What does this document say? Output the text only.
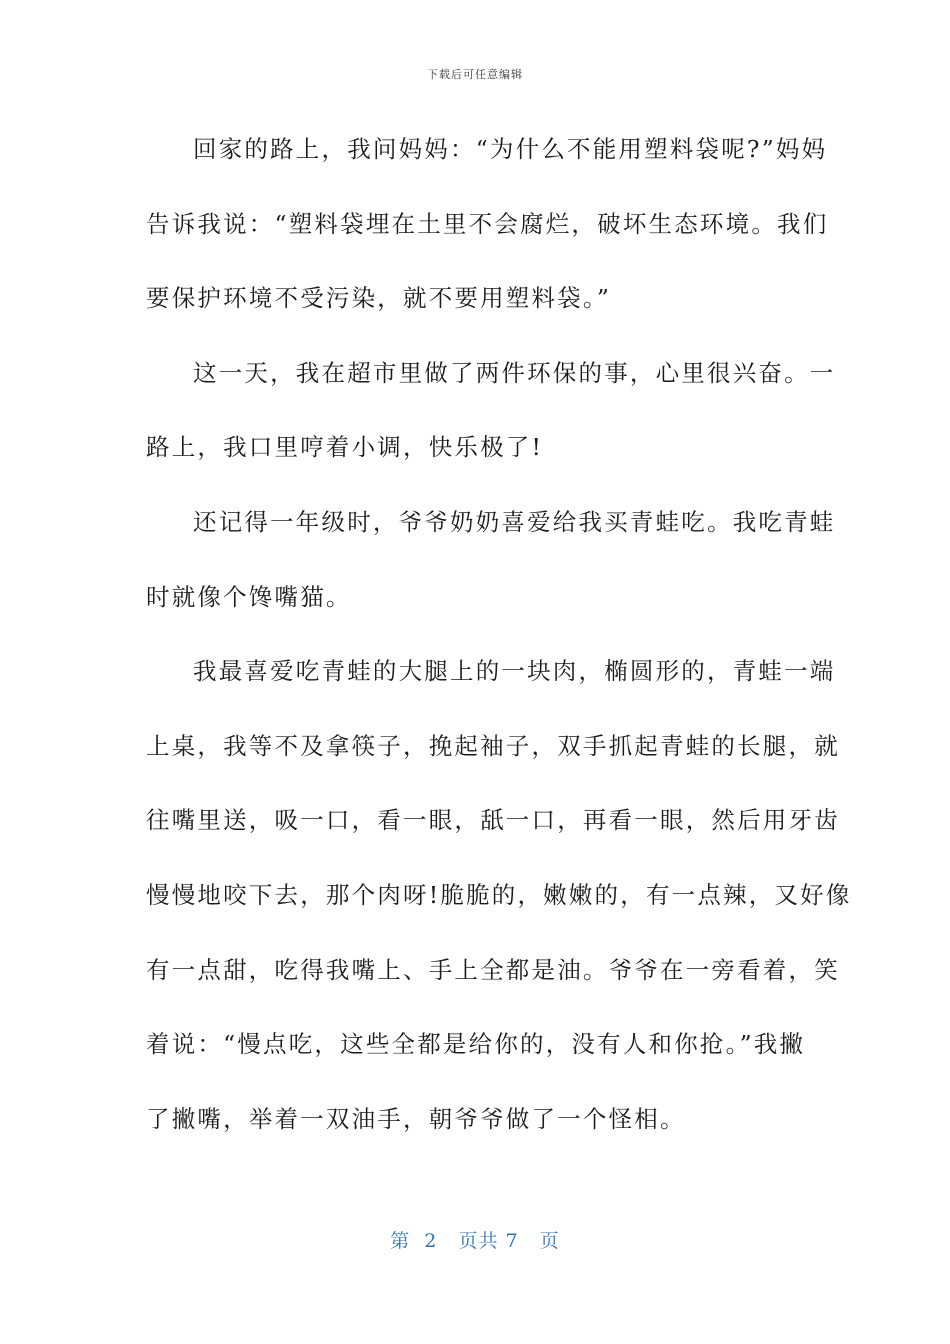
下载后可任意编辑
回家的路上，我问妈妈：“为什么不能用塑料袋呢?”妈妈
告诉我说：“塑料袋埋在土里不会腐烂，破坏生态环境。我们
要保护环境不受污染，就不要用塑料袋。”
这一天，我在超市里做了两件环保的事，心里很兴奋。一
路上，我口里哼着小调，快乐极了!
还记得一年级时，爷爷奶奶喜爱给我买青蛙吃。我吃青蛙
时就像个馋嘴猫。
我最喜爱吃青蛙的大腿上的一块肉，椭圆形的，青蛙一端
上桌，我等不及拿筷子，挽起袖子，双手抓起青蛙的长腿，就
往嘴里送，吸一口，看一眼，舐一口，再看一眼，然后用牙齿
慢慢地咬下去，那个肉呀!脆脆的，嫩嫩的，有一点辣，又好像
有一点甜，吃得我嘴上、手上全都是油。爷爷在一旁看着，笑
着说：“慢点吃，这些全都是给你的，没有人和你抢。”我撇
了撇嘴，举着一双油手，朝爷爷做了一个怪相。
第  2   页共 7   页
